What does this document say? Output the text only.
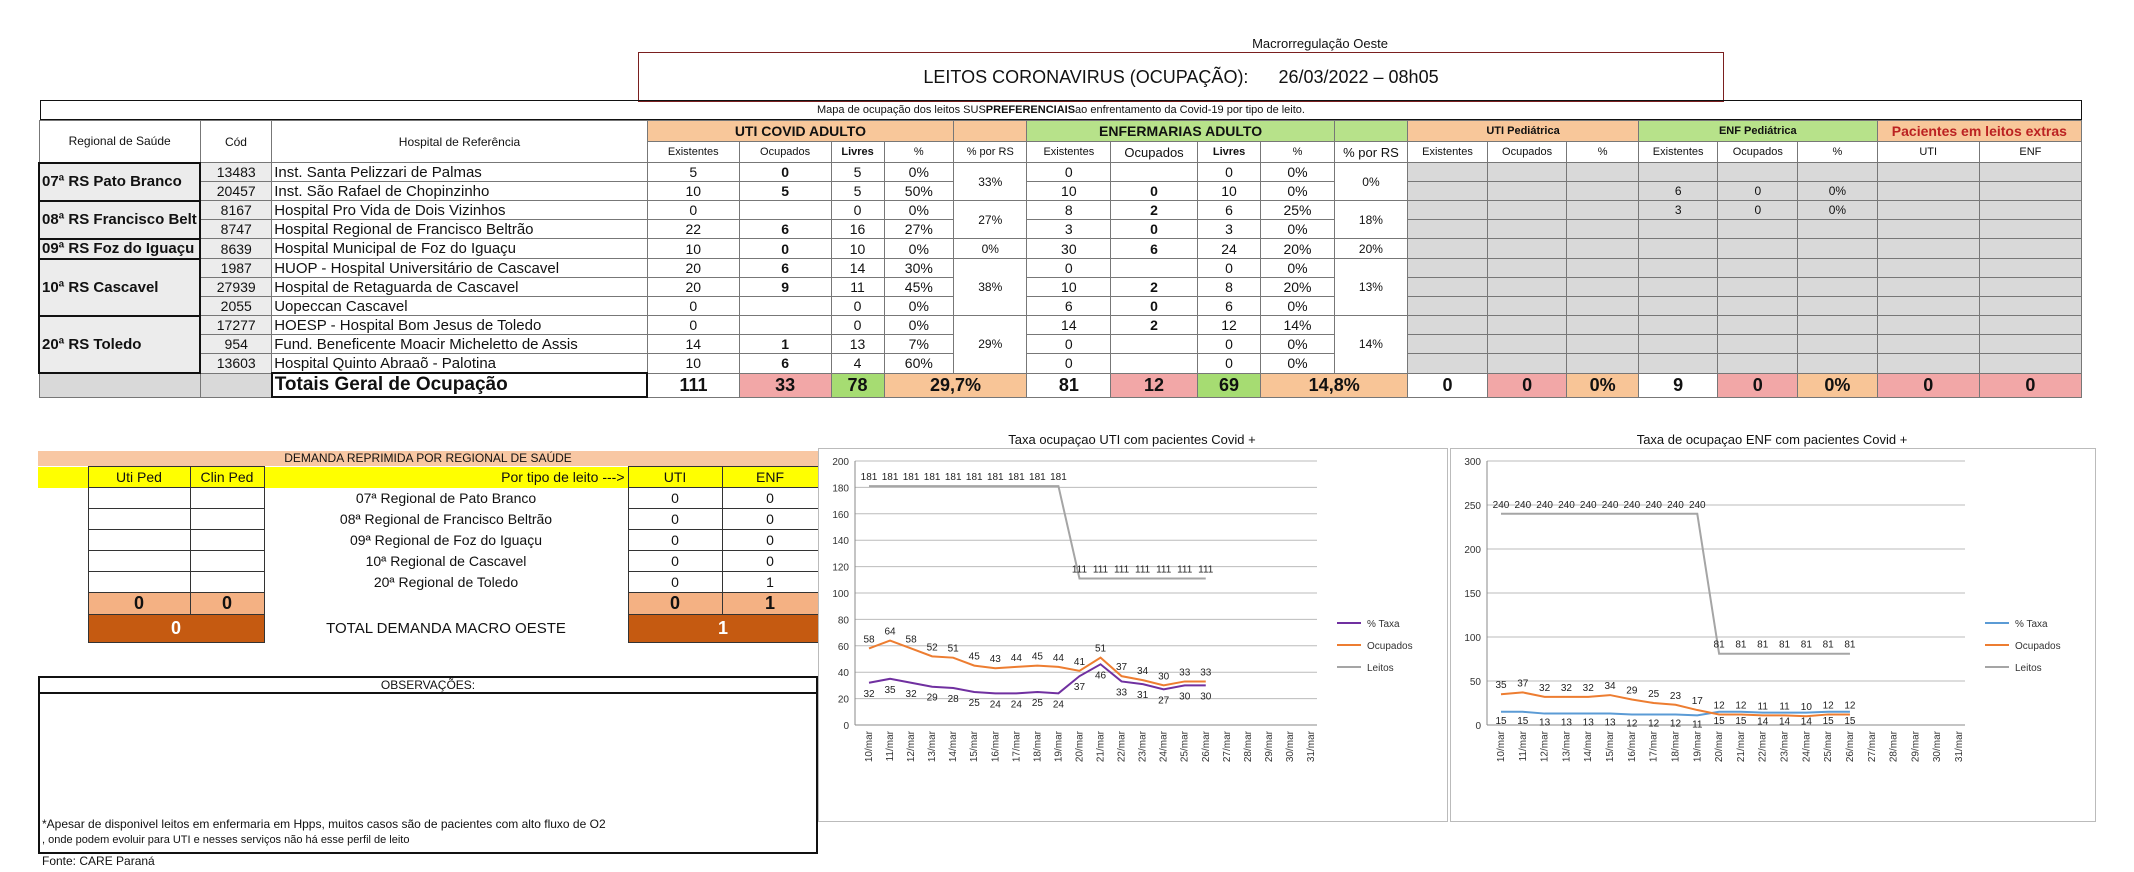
Macrorregulação Oeste
LEITOS CORONAVIRUS (OCUPAÇÃO): 26/03/2022 – 08h05
Mapa de ocupação dos leitos SUS PREFERENCIAIS ao enfrentamento da Covid-19 por tipo de leito.
Regional de Saúde	Cód	Hospital de Referência	UTI COVID ADULTO					ENFERMARIAS ADULTO					UTI Pediátrica			ENF Pediátrica			Pacientes em leitos extras	
			Existentes	Ocupados	Livres	%	% por RS	Existentes	Ocupados	Livres	%	% por RS	Existentes	Ocupados	%	Existentes	Ocupados	%	UTI	ENF
07ª RS Pato Branco	13483	Inst. Santa Pelizzari de Palmas	5	0	5	0%	33%	0		0	0%	0%								
	20457	Inst. São Rafael de Chopinzinho	10	5	5	50%		10	0	10	0%					6	0	0%		
08ª RS Francisco Belt	8167	Hospital Pro Vida de Dois Vizinhos	0		0	0%	27%	8	2	6	25%	18%				3	0	0%		
	8747	Hospital Regional de Francisco Beltrão	22	6	16	27%		3	0	3	0%									
09ª RS Foz do Iguaçu	8639	Hospital Municipal de Foz do Iguaçu	10	0	10	0%	0%	30	6	24	20%	20%								
10ª RS Cascavel	1987	HUOP - Hospital Universitário de Cascavel	20	6	14	30%	38%	0		0	0%	13%								
	27939	Hospital de Retaguarda de Cascavel	20	9	11	45%		10	2	8	20%									
	2055	Uopeccan Cascavel	0		0	0%		6	0	6	0%									
20ª RS Toledo	17277	HOESP - Hospital Bom Jesus de Toledo	0		0	0%	29%	14	2	12	14%	14%								
	954	Fund. Beneficente Moacir Micheletto de Assis	14	1	13	7%		0		0	0%									
	13603	Hospital Quinto Abraaõ - Palotina	10	6	4	60%		0		0	0%									
		Totais Geral de Ocupação	111	33	78	29,7%		81	12	69	14,8%		0	0	0%	9	0	0%	0	0
DEMANDA REPRIMIDA POR REGIONAL DE SAÚDE
	Uti Ped	Clin Ped	Por tipo de leito --->	UTI	ENF
			07ª Regional de Pato Branco	0	0
			08ª Regional de Francisco Beltrão	0	0
			09ª Regional de Foz do Iguaçu	0	0
			10ª Regional de Cascavel	0	0
			20ª Regional de Toledo	0	1
	0	0		0	1
	0		TOTAL DEMANDA MACRO OESTE	1	
OBSERVAÇÕES:
*Apesar de disponivel leitos em enfermaria em Hpps, muitos casos são de pacientes com alto fluxo de O2
, onde podem evoluir para UTI e nesses serviços não há esse perfil de leito
Fonte: CARE Paraná
Taxa ocupaçao UTI com pacientes Covid +
0
20
40
60
80
100
120
140
160
180
200
10/mar 11/mar 12/mar 13/mar 14/mar 15/mar 16/mar 17/mar 18/mar 19/mar 20/mar 21/mar 22/mar 23/mar 24/mar 25/mar 26/mar 27/mar 28/mar 29/mar 30/mar 31/mar
32 35 32 29 28 25 24 24 25 24
37
46
33 31 27 30 30
58
64
58
52 51
45 43 44 45 44 41
51
37 34 30 33 33
181 181 181 181 181 181 181 181 181 181
111 111 111 111 111 111 111
% Taxa
Ocupados
Leitos
Taxa de ocupaçao ENF com pacientes Covid +
0
50
100
150
200
250
300
10/mar 11/mar 12/mar 13/mar 14/mar 15/mar 16/mar 17/mar 18/mar 19/mar 20/mar 21/mar 22/mar 23/mar 24/mar 25/mar 26/mar 27/mar 28/mar 29/mar 30/mar 31/mar
15 15 13 13 13 13 12 12 12 11 15 15 14 14 14 15 15
35 37 32 32 32 34 29 25 23 17 12 12 11 11 10 12 12
240 240 240 240 240 240 240 240 240 240
81 81 81 81 81 81 81
% Taxa
Ocupados
Leitos
